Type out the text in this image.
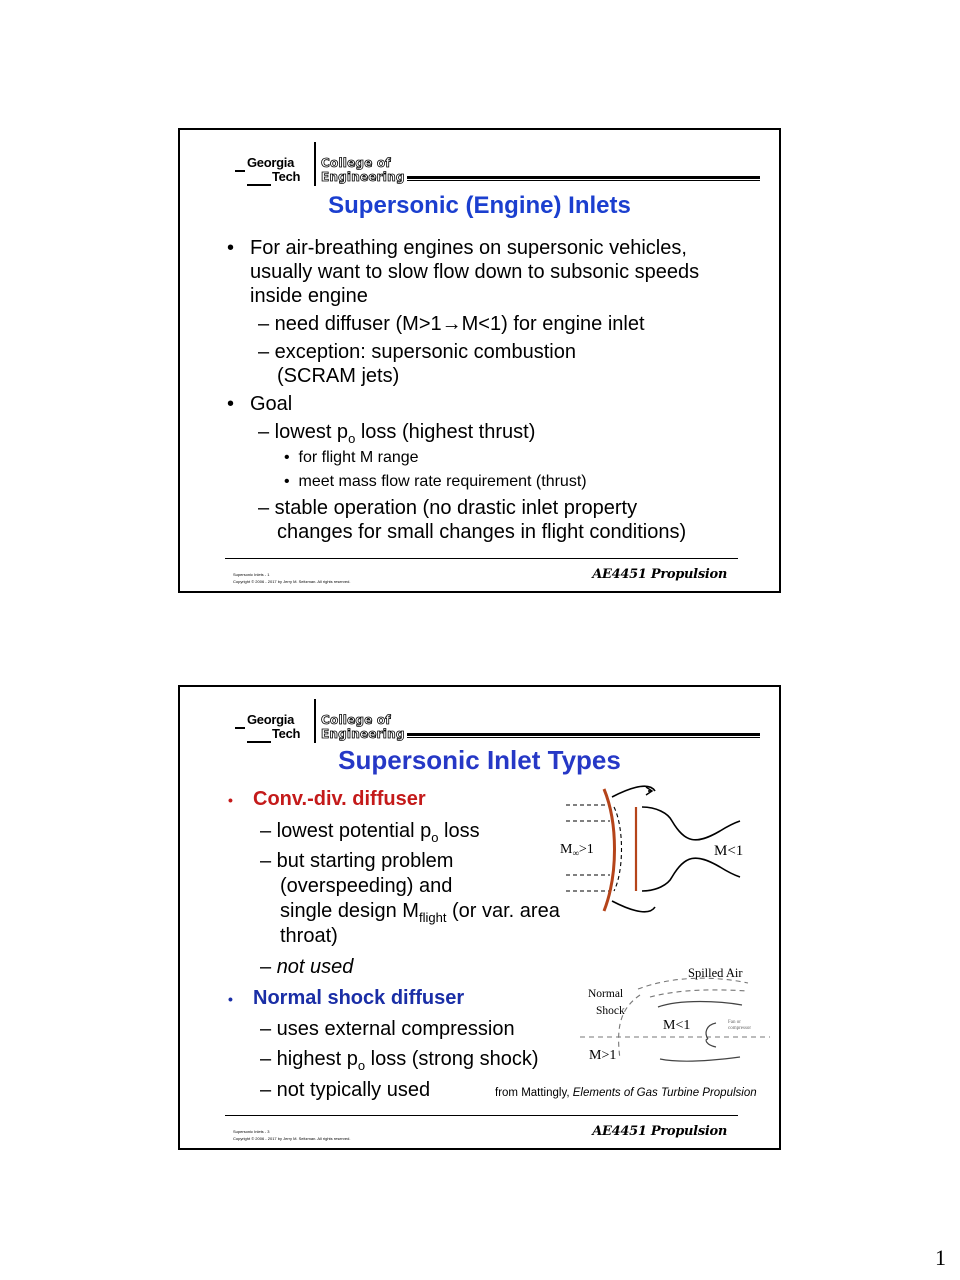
Georgia
Tech
College of
Engineering
Supersonic (Engine) Inlets
• For air-breathing engines on supersonic vehicles,
usually want to slow flow down to subsonic speeds
inside engine
– need diffuser (M>1→M<1) for engine inlet
– exception: supersonic combustion
(SCRAM jets)
• Goal
– lowest $p_o$ loss (highest thrust)
•  for flight M range
•  meet mass flow rate requirement (thrust)
– stable operation (no drastic inlet property
changes for small changes in flight conditions)
Supersonic Inlets - 1
Copyright © 2006 - 2017 by Jerry M. Seitzman. All rights reserved.	AE4451 Propulsion
Georgia
Tech
College of
Engineering
Supersonic Inlet Types
• Conv.-div. diffuser
– lowest potential $p_o$ loss
– but starting problem
(overspeeding) and
single design $M_{flight}$ (or var. area
throat)
– not used
• Normal shock diffuser
– uses external compression
– highest $p_o$ loss (strong shock)
– not typically used	from Mattingly, Elements of Gas Turbine Propulsion
$M_\infty>1$	M<1
Spilled Air
Normal
Shock
M<1
M>1
Fan or
compressor
Supersonic Inlets - 3
Copyright © 2006 - 2017 by Jerry M. Seitzman. All rights reserved.	AE4451 Propulsion
1
